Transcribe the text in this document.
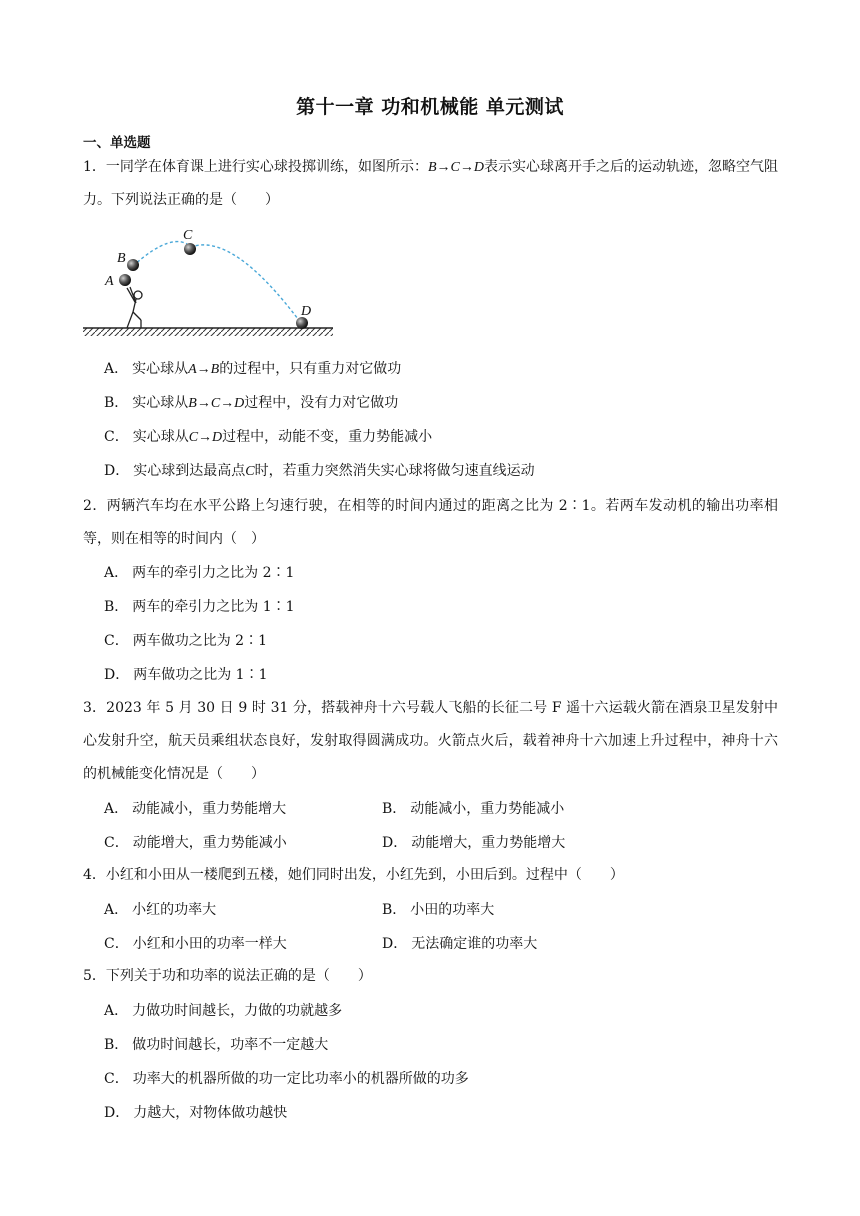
第十一章 功和机械能 单元测试
一、单选题

1．一同学在体育课上进行实心球投掷训练，如图所示：B→C→D表示实心球离开手之后的运动轨迹，忽略空气阻力。下列说法正确的是（　　）

A
B
C
D
A． 实心球从A→B的过程中，只有重力对它做功
B． 实心球从B→C→D过程中，没有力对它做功
C． 实心球从C→D过程中，动能不变，重力势能减小
D． 实心球到达最高点C时，若重力突然消失实心球将做匀速直线运动

2．两辆汽车均在水平公路上匀速行驶，在相等的时间内通过的距离之比为 2∶1。若两车发动机的输出功率相等，则在相等的时间内（　）

A． 两车的牵引力之比为 2∶1
B． 两车的牵引力之比为 1∶1
C． 两车做功之比为 2∶1
D． 两车做功之比为 1∶1

3．2023 年 5 月 30 日 9 时 31 分，搭载神舟十六号载人飞船的长征二号 F 遥十六运载火箭在酒泉卫星发射中心发射升空，航天员乘组状态良好，发射取得圆满成功。火箭点火后，载着神舟十六加速上升过程中，神舟十六的机械能变化情况是（　　）

A． 动能减小，重力势能增大	B． 动能减小，重力势能减小
C． 动能增大，重力势能减小	D． 动能增大，重力势能增大

4．小红和小田从一楼爬到五楼，她们同时出发，小红先到，小田后到。过程中（　　）

A． 小红的功率大	B． 小田的功率大
C． 小红和小田的功率一样大	D． 无法确定谁的功率大

5．下列关于功和功率的说法正确的是（　　）

A． 力做功时间越长，力做的功就越多
B． 做功时间越长，功率不一定越大
C． 功率大的机器所做的功一定比功率小的机器所做的功多
D． 力越大，对物体做功越快
